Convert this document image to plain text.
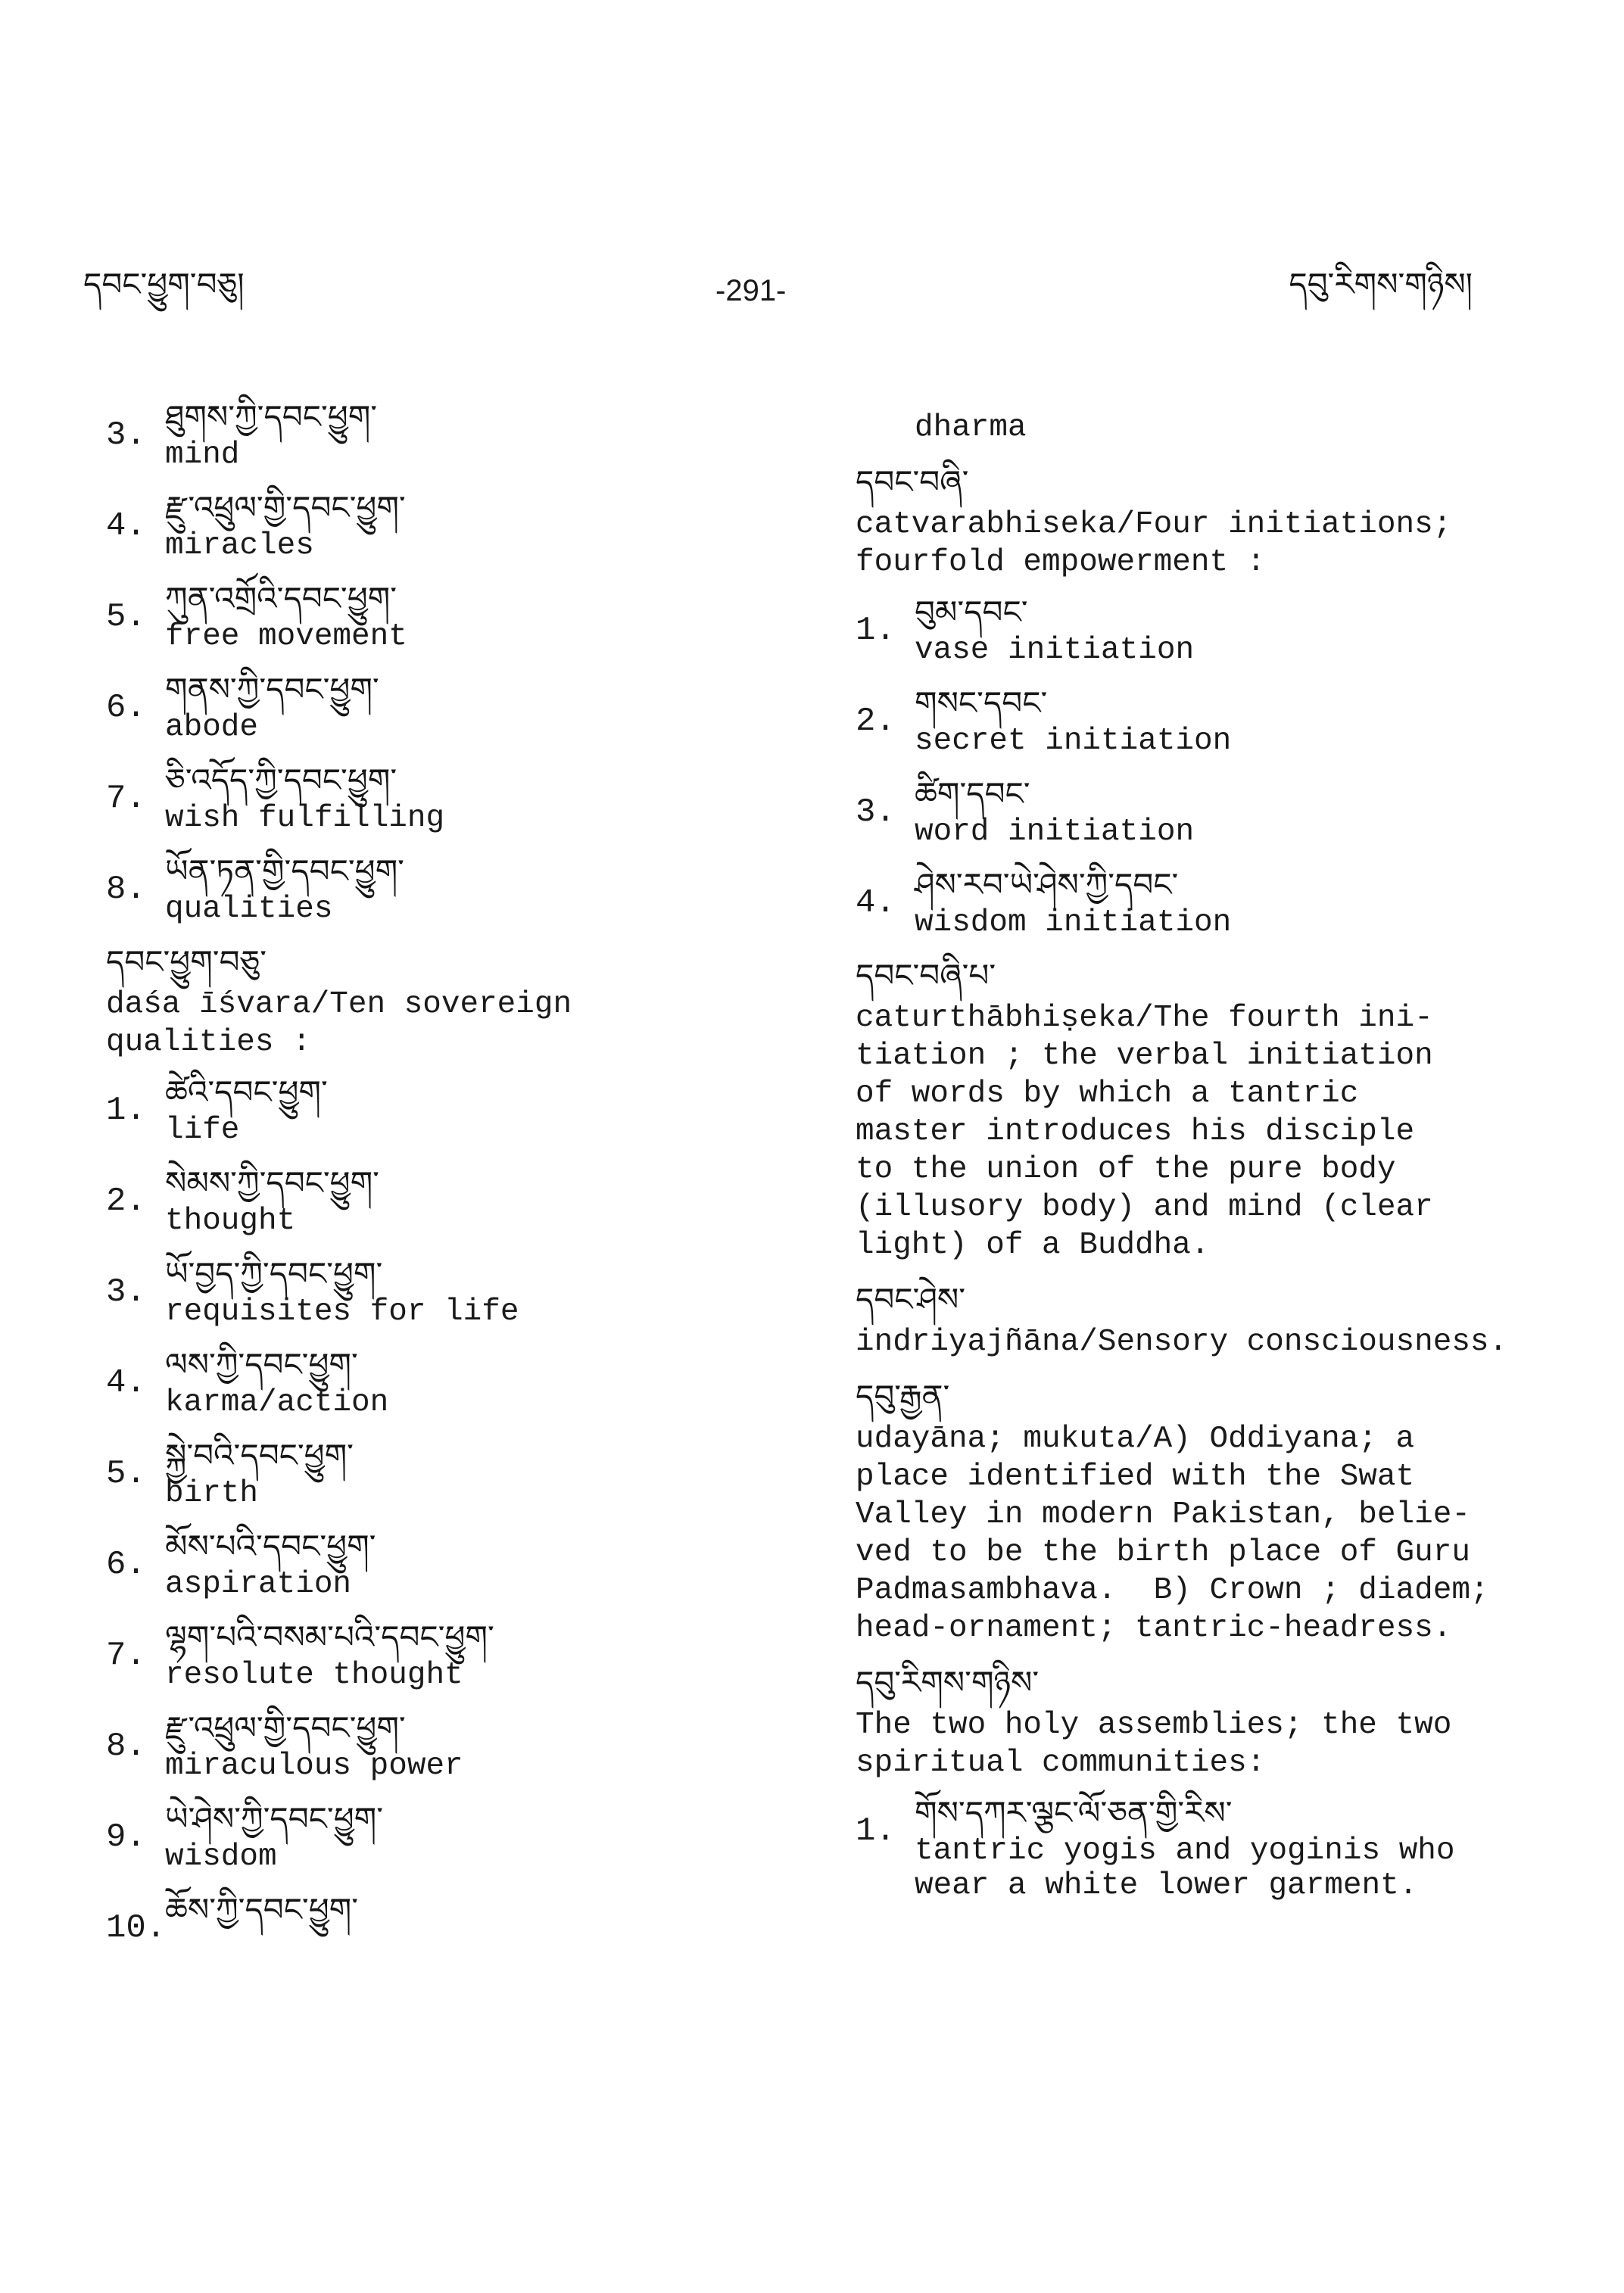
དབང་ཕྱུག་བཅུ།	-291-	དབུ་རིགས་གཉིས།
3. ཐུགས་ཀྱི་དབང་ཕྱུག་
mind
4. རྫུ་འཕྲུལ་གྱི་དབང་ཕྱུག་
miracles
5. ཀུན་འགྲོའི་དབང་ཕྱུག་
free movement
6. གནས་ཀྱི་དབང་ཕྱུག་
abode
7. ཅི་འདོད་ཀྱི་དབང་ཕྱུག་
wish fulfilling
8. ཡོན་ཏན་གྱི་དབང་ཕྱུག་
qualities
དབང་ཕྱུག་བཅུ་
daśa īśvara/Ten sovereign
qualities :
1. ཚེའི་དབང་ཕྱུག་
life
2. སེམས་ཀྱི་དབང་ཕྱུག་
thought
3. ཡོ་བྱད་ཀྱི་དབང་ཕྱུག་
requisites for life
4. ལས་ཀྱི་དབང་ཕྱུག་
karma/action
5. སྐྱེ་བའི་དབང་ཕྱུག་
birth
6. མོས་པའི་དབང་ཕྱུག་
aspiration
7. ལྷག་པའི་བསམ་པའི་དབང་ཕྱུག་
resolute thought
8. རྫུ་འཕྲུལ་གྱི་དབང་ཕྱུག་
miraculous power
9. ཡེ་ཤེས་ཀྱི་དབང་ཕྱུག་
wisdom
10.
ཆོས་ཀྱི་དབང་ཕྱུག་
dharma
དབང་བཞི་
catvarabhiseka/Four initiations;
fourfold empowerment :
1. བུམ་དབང་
vase initiation
2. གསང་དབང་
secret initiation
3. ཚིག་དབང་
word initiation
4. ཤེས་རབ་ཡེ་ཤེས་ཀྱི་དབང་
wisdom initiation
དབང་བཞི་པ་
caturthābhiṣeka/The fourth ini-
tiation ; the verbal initiation
of words by which a tantric
master introduces his disciple
to the union of the pure body
(illusory body) and mind (clear
light) of a Buddha.
དབང་ཤེས་
indriyajñāna/Sensory consciousness.
དབུ་རྒྱན་
udayāna; mukuta/A) Oddiyana; a
place identified with the Swat
Valley in modern Pakistan, belie-
ved to be the birth place of Guru
Padmasambhava.  B) Crown ; diadem;
head-ornament; tantric-headress.
དབུ་རིགས་གཉིས་
The two holy assemblies; the two
spiritual communities:
1. གོས་དཀར་ལྕང་ལོ་ཅན་གྱི་རིས་
tantric yogis and yoginis who
wear a white lower garment.
